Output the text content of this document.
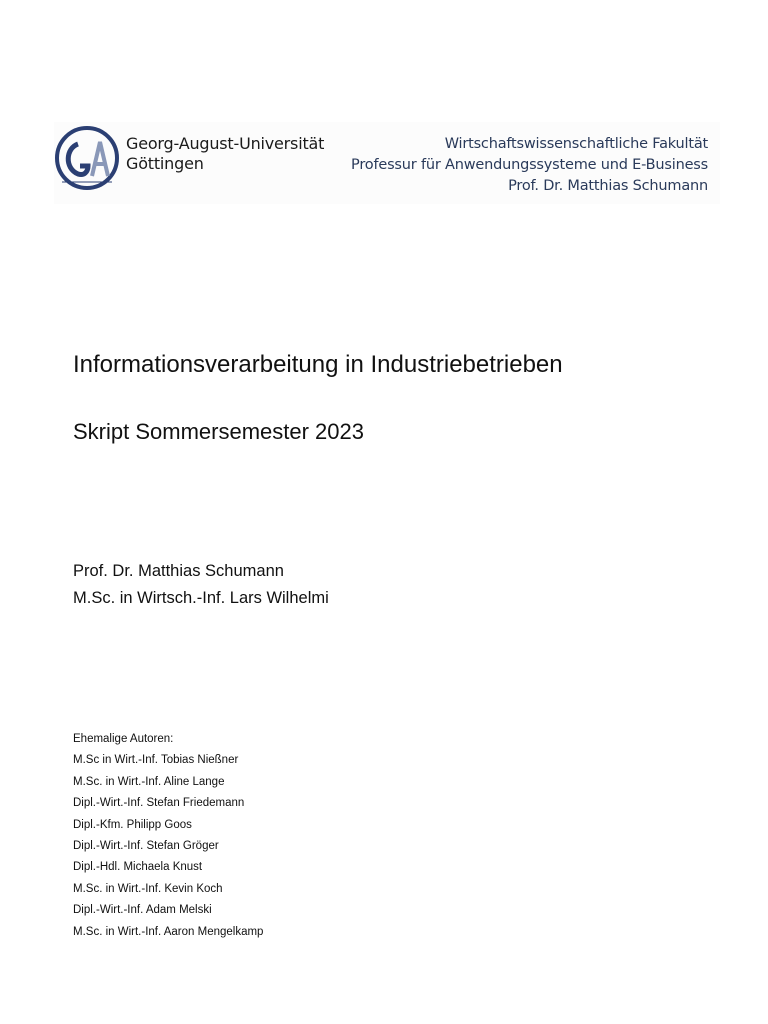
Georg-August-Universität
Göttingen
Wirtschaftswissenschaftliche Fakultät
Professur für Anwendungssysteme und E-Business
Prof. Dr. Matthias Schumann
Informationsverarbeitung in Industriebetrieben
Skript Sommersemester 2023
Prof. Dr. Matthias Schumann
M.Sc. in Wirtsch.-Inf. Lars Wilhelmi
Ehemalige Autoren:
M.Sc in Wirt.-Inf. Tobias Nießner
M.Sc. in Wirt.-Inf. Aline Lange
Dipl.-Wirt.-Inf. Stefan Friedemann
Dipl.-Kfm. Philipp Goos
Dipl.-Wirt.-Inf. Stefan Gröger
Dipl.-Hdl. Michaela Knust
M.Sc. in Wirt.-Inf. Kevin Koch
Dipl.-Wirt.-Inf. Adam Melski
M.Sc. in Wirt.-Inf. Aaron Mengelkamp
